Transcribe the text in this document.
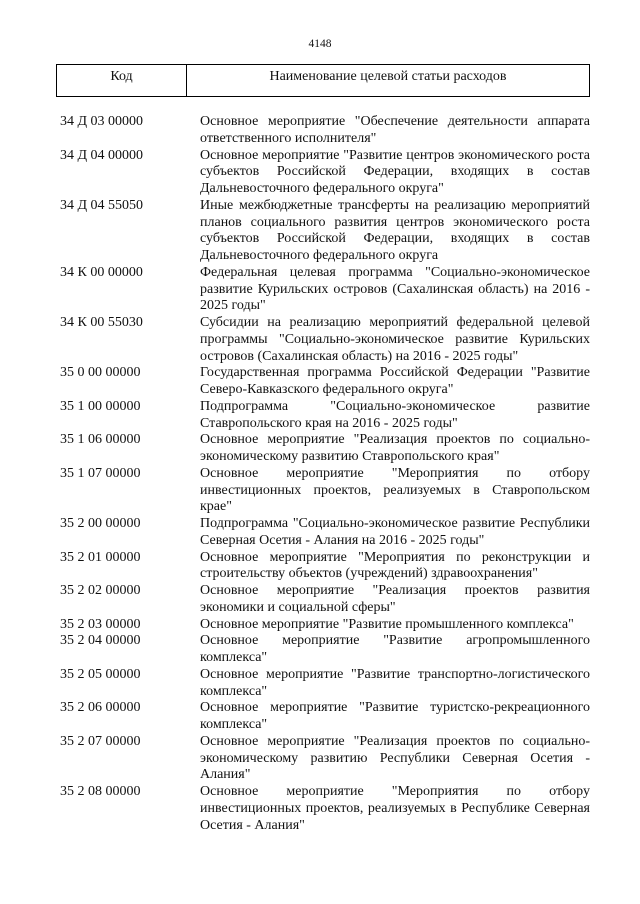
4148
Код	Наименование целевой статьи расходов
34 Д 03 00000	Основное мероприятие "Обеспечение деятельности аппарата ответственного исполнителя"
34 Д 04 00000	Основное мероприятие "Развитие центров экономического роста субъектов Российской Федерации, входящих в состав Дальневосточного федерального округа"
34 Д 04 55050	Иные межбюджетные трансферты на реализацию мероприятий планов социального развития центров экономического роста субъектов Российской Федерации, входящих в состав Дальневосточного федерального округа
34 К 00 00000	Федеральная целевая программа "Социально-экономическое развитие Курильских островов (Сахалинская область) на 2016 - 2025 годы"
34 К 00 55030	Субсидии на реализацию мероприятий федеральной целевой программы "Социально-экономическое развитие Курильских островов (Сахалинская область) на 2016 - 2025 годы"
35 0 00 00000	Государственная программа Российской Федерации "Развитие Северо-Кавказского федерального округа"
35 1 00 00000	Подпрограмма "Социально-экономическое развитие Ставропольского края на 2016 - 2025 годы"
35 1 06 00000	Основное мероприятие "Реализация проектов по социально-экономическому развитию Ставропольского края"
35 1 07 00000	Основное мероприятие "Мероприятия по отбору инвестиционных проектов, реализуемых в Ставропольском крае"
35 2 00 00000	Подпрограмма "Социально-экономическое развитие Республики Северная Осетия - Алания на 2016 - 2025 годы"
35 2 01 00000	Основное мероприятие "Мероприятия по реконструкции и строительству объектов (учреждений) здравоохранения"
35 2 02 00000	Основное мероприятие "Реализация проектов развития экономики и социальной сферы"
35 2 03 00000	Основное мероприятие "Развитие промышленного комплекса"
35 2 04 00000	Основное мероприятие "Развитие агропромышленного комплекса"
35 2 05 00000	Основное мероприятие "Развитие транспортно-логистического комплекса"
35 2 06 00000	Основное мероприятие "Развитие туристско-рекреационного комплекса"
35 2 07 00000	Основное мероприятие "Реализация проектов по социально-экономическому развитию Республики Северная Осетия - Алания"
35 2 08 00000	Основное мероприятие "Мероприятия по отбору инвестиционных проектов, реализуемых в Республике Северная Осетия - Алания"
